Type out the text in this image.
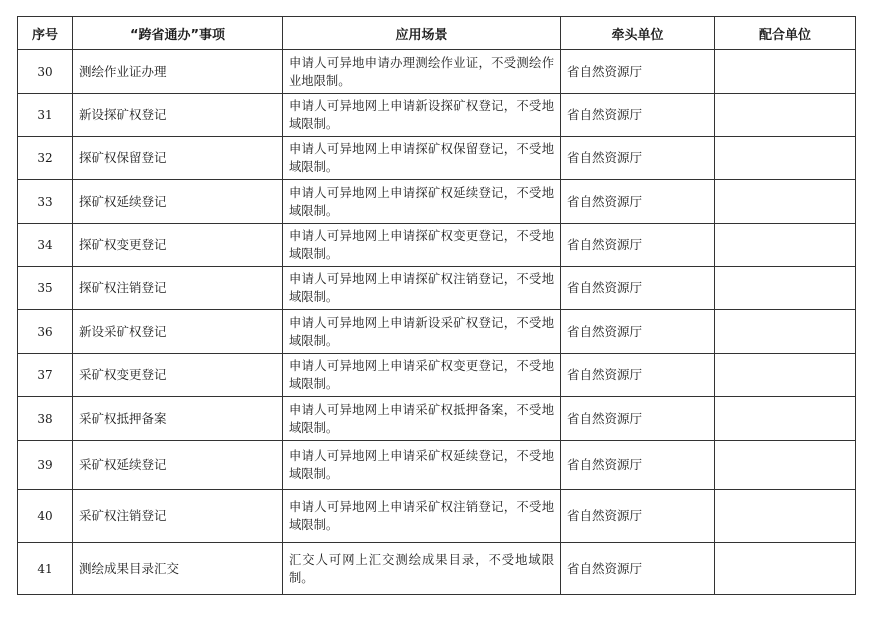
序号	“跨省通办”事项	应用场景	牵头单位	配合单位
30	测绘作业证办理	申请人可异地申请办理测绘作业证，不受测绘作业地限制。	省自然资源厅	
31	新设探矿权登记	申请人可异地网上申请新设探矿权登记，不受地域限制。	省自然资源厅	
32	探矿权保留登记	申请人可异地网上申请探矿权保留登记，不受地域限制。	省自然资源厅	
33	探矿权延续登记	申请人可异地网上申请探矿权延续登记，不受地域限制。	省自然资源厅	
34	探矿权变更登记	申请人可异地网上申请探矿权变更登记，不受地域限制。	省自然资源厅	
35	探矿权注销登记	申请人可异地网上申请探矿权注销登记，不受地域限制。	省自然资源厅	
36	新设采矿权登记	申请人可异地网上申请新设采矿权登记，不受地域限制。	省自然资源厅	
37	采矿权变更登记	申请人可异地网上申请采矿权变更登记，不受地域限制。	省自然资源厅	
38	采矿权抵押备案	申请人可异地网上申请采矿权抵押备案，不受地域限制。	省自然资源厅	
39	采矿权延续登记	申请人可异地网上申请采矿权延续登记，不受地域限制。	省自然资源厅	
40	采矿权注销登记	申请人可异地网上申请采矿权注销登记，不受地域限制。	省自然资源厅	
41	测绘成果目录汇交	汇交人可网上汇交测绘成果目录，不受地域限制。	省自然资源厅	
